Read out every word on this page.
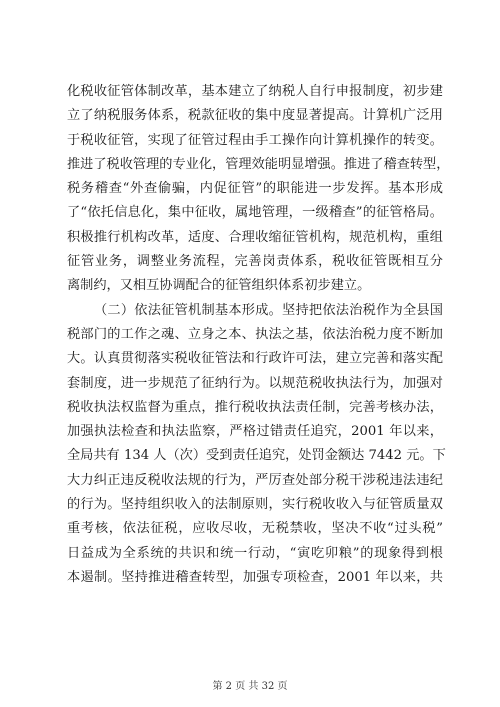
化税收征管体制改革，基本建立了纳税人自行申报制度，初步建
立了纳税服务体系，税款征收的集中度显著提高。计算机广泛用
于税收征管，实现了征管过程由手工操作向计算机操作的转变。
推进了税收管理的专业化，管理效能明显增强。推进了稽查转型，
税务稽查“外查偷骗，内促征管”的职能进一步发挥。基本形成
了“依托信息化，集中征收，属地管理，一级稽查”的征管格局。
积极推行机构改革，适度、合理收缩征管机构，规范机构，重组
征管业务，调整业务流程，完善岗责体系，税收征管既相互分
离制约，又相互协调配合的征管组织体系初步建立。
（二）依法征管机制基本形成。坚持把依法治税作为全县国
税部门的工作之魂、立身之本、执法之基，依法治税力度不断加
大。认真贯彻落实税收征管法和行政许可法，建立完善和落实配
套制度，进一步规范了征纳行为。以规范税收执法行为，加强对
税收执法权监督为重点，推行税收执法责任制，完善考核办法，
加强执法检查和执法监察，严格过错责任追究，2001 年以来，
全局共有 134 人（次）受到责任追究，处罚金额达 7442 元。下
大力纠正违反税收法规的行为，严厉查处部分税干涉税违法违纪
的行为。坚持组织收入的法制原则，实行税收收入与征管质量双
重考核，依法征税，应收尽收，无税禁收，坚决不收“过头税”
日益成为全系统的共识和统一行动，“寅吃卯粮”的现象得到根
本遏制。坚持推进稽查转型，加强专项检查，2001 年以来，共
第 2 页 共 32 页
